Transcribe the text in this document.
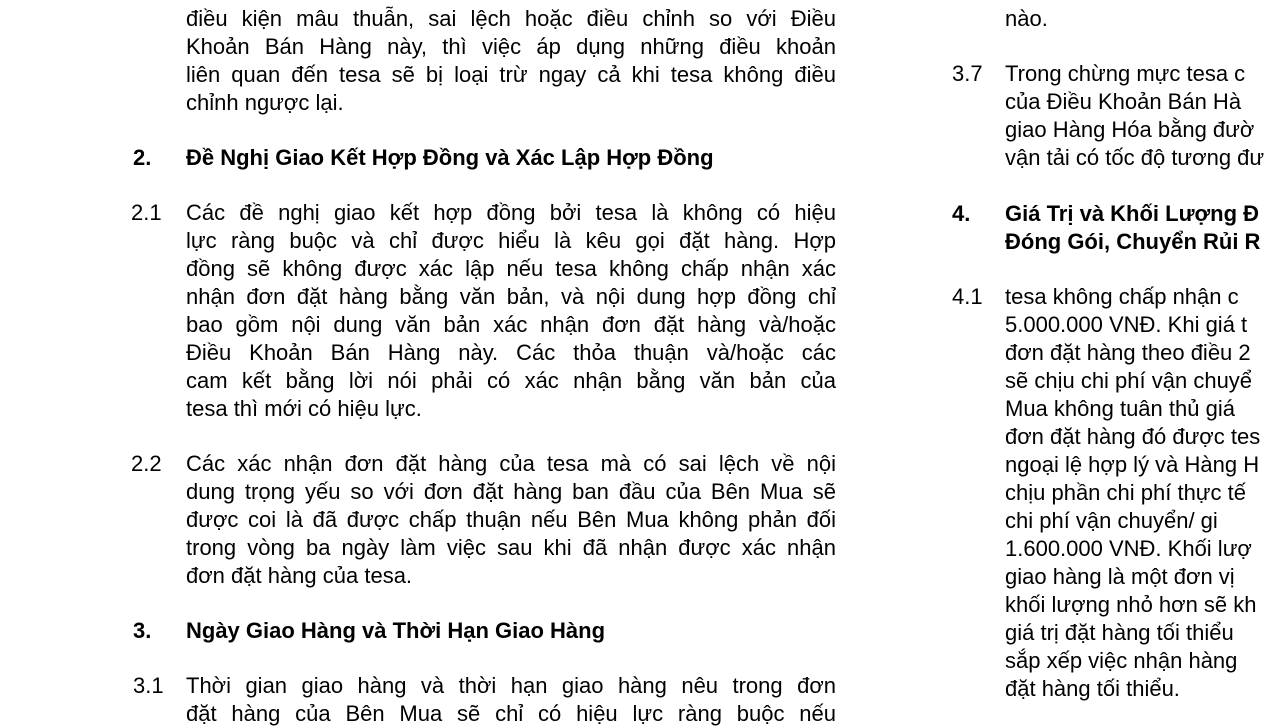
điều kiện mâu thuẫn, sai lệch hoặc điều chỉnh so với Điều
Khoản Bán Hàng này, thì việc áp dụng những điều khoản
liên quan đến tesa sẽ bị loại trừ ngay cả khi tesa không điều
chỉnh ngược lại.
2. Đề Nghị Giao Kết Hợp Đồng và Xác Lập Hợp Đồng
2.1 Các đề nghị giao kết hợp đồng bởi tesa là không có hiệu
lực ràng buộc và chỉ được hiểu là kêu gọi đặt hàng. Hợp
đồng sẽ không được xác lập nếu tesa không chấp nhận xác
nhận đơn đặt hàng bằng văn bản, và nội dung hợp đồng chỉ
bao gồm nội dung văn bản xác nhận đơn đặt hàng và/hoặc
Điều Khoản Bán Hàng này. Các thỏa thuận và/hoặc các
cam kết bằng lời nói phải có xác nhận bằng văn bản của
tesa thì mới có hiệu lực.
2.2 Các xác nhận đơn đặt hàng của tesa mà có sai lệch về nội
dung trọng yếu so với đơn đặt hàng ban đầu của Bên Mua sẽ
được coi là đã được chấp thuận nếu Bên Mua không phản đối
trong vòng ba ngày làm việc sau khi đã nhận được xác nhận
đơn đặt hàng của tesa.
3. Ngày Giao Hàng và Thời Hạn Giao Hàng
3.1 Thời gian giao hàng và thời hạn giao hàng nêu trong đơn
đặt hàng của Bên Mua sẽ chỉ có hiệu lực ràng buộc nếu
nào.
3.7 Trong chừng mực tesa c
của Điều Khoản Bán Hà
giao Hàng Hóa bằng đườ
vận tải có tốc độ tương đư
4. Giá Trị và Khối Lượng Đ
Đóng Gói, Chuyển Rủi R
4.1 tesa không chấp nhận c
5.000.000 VNĐ. Khi giá t
đơn đặt hàng theo điều 2
sẽ chịu chi phí vận chuyể
Mua không tuân thủ giá
đơn đặt hàng đó được tes
ngoại lệ hợp lý và Hàng H
chịu phần chi phí thực tế
chi phí vận chuyển/ gi
1.600.000 VNĐ. Khối lượ
giao hàng là một đơn vị
khối lượng nhỏ hơn sẽ kh
giá trị đặt hàng tối thiểu
sắp xếp việc nhận hàng
đặt hàng tối thiểu.
